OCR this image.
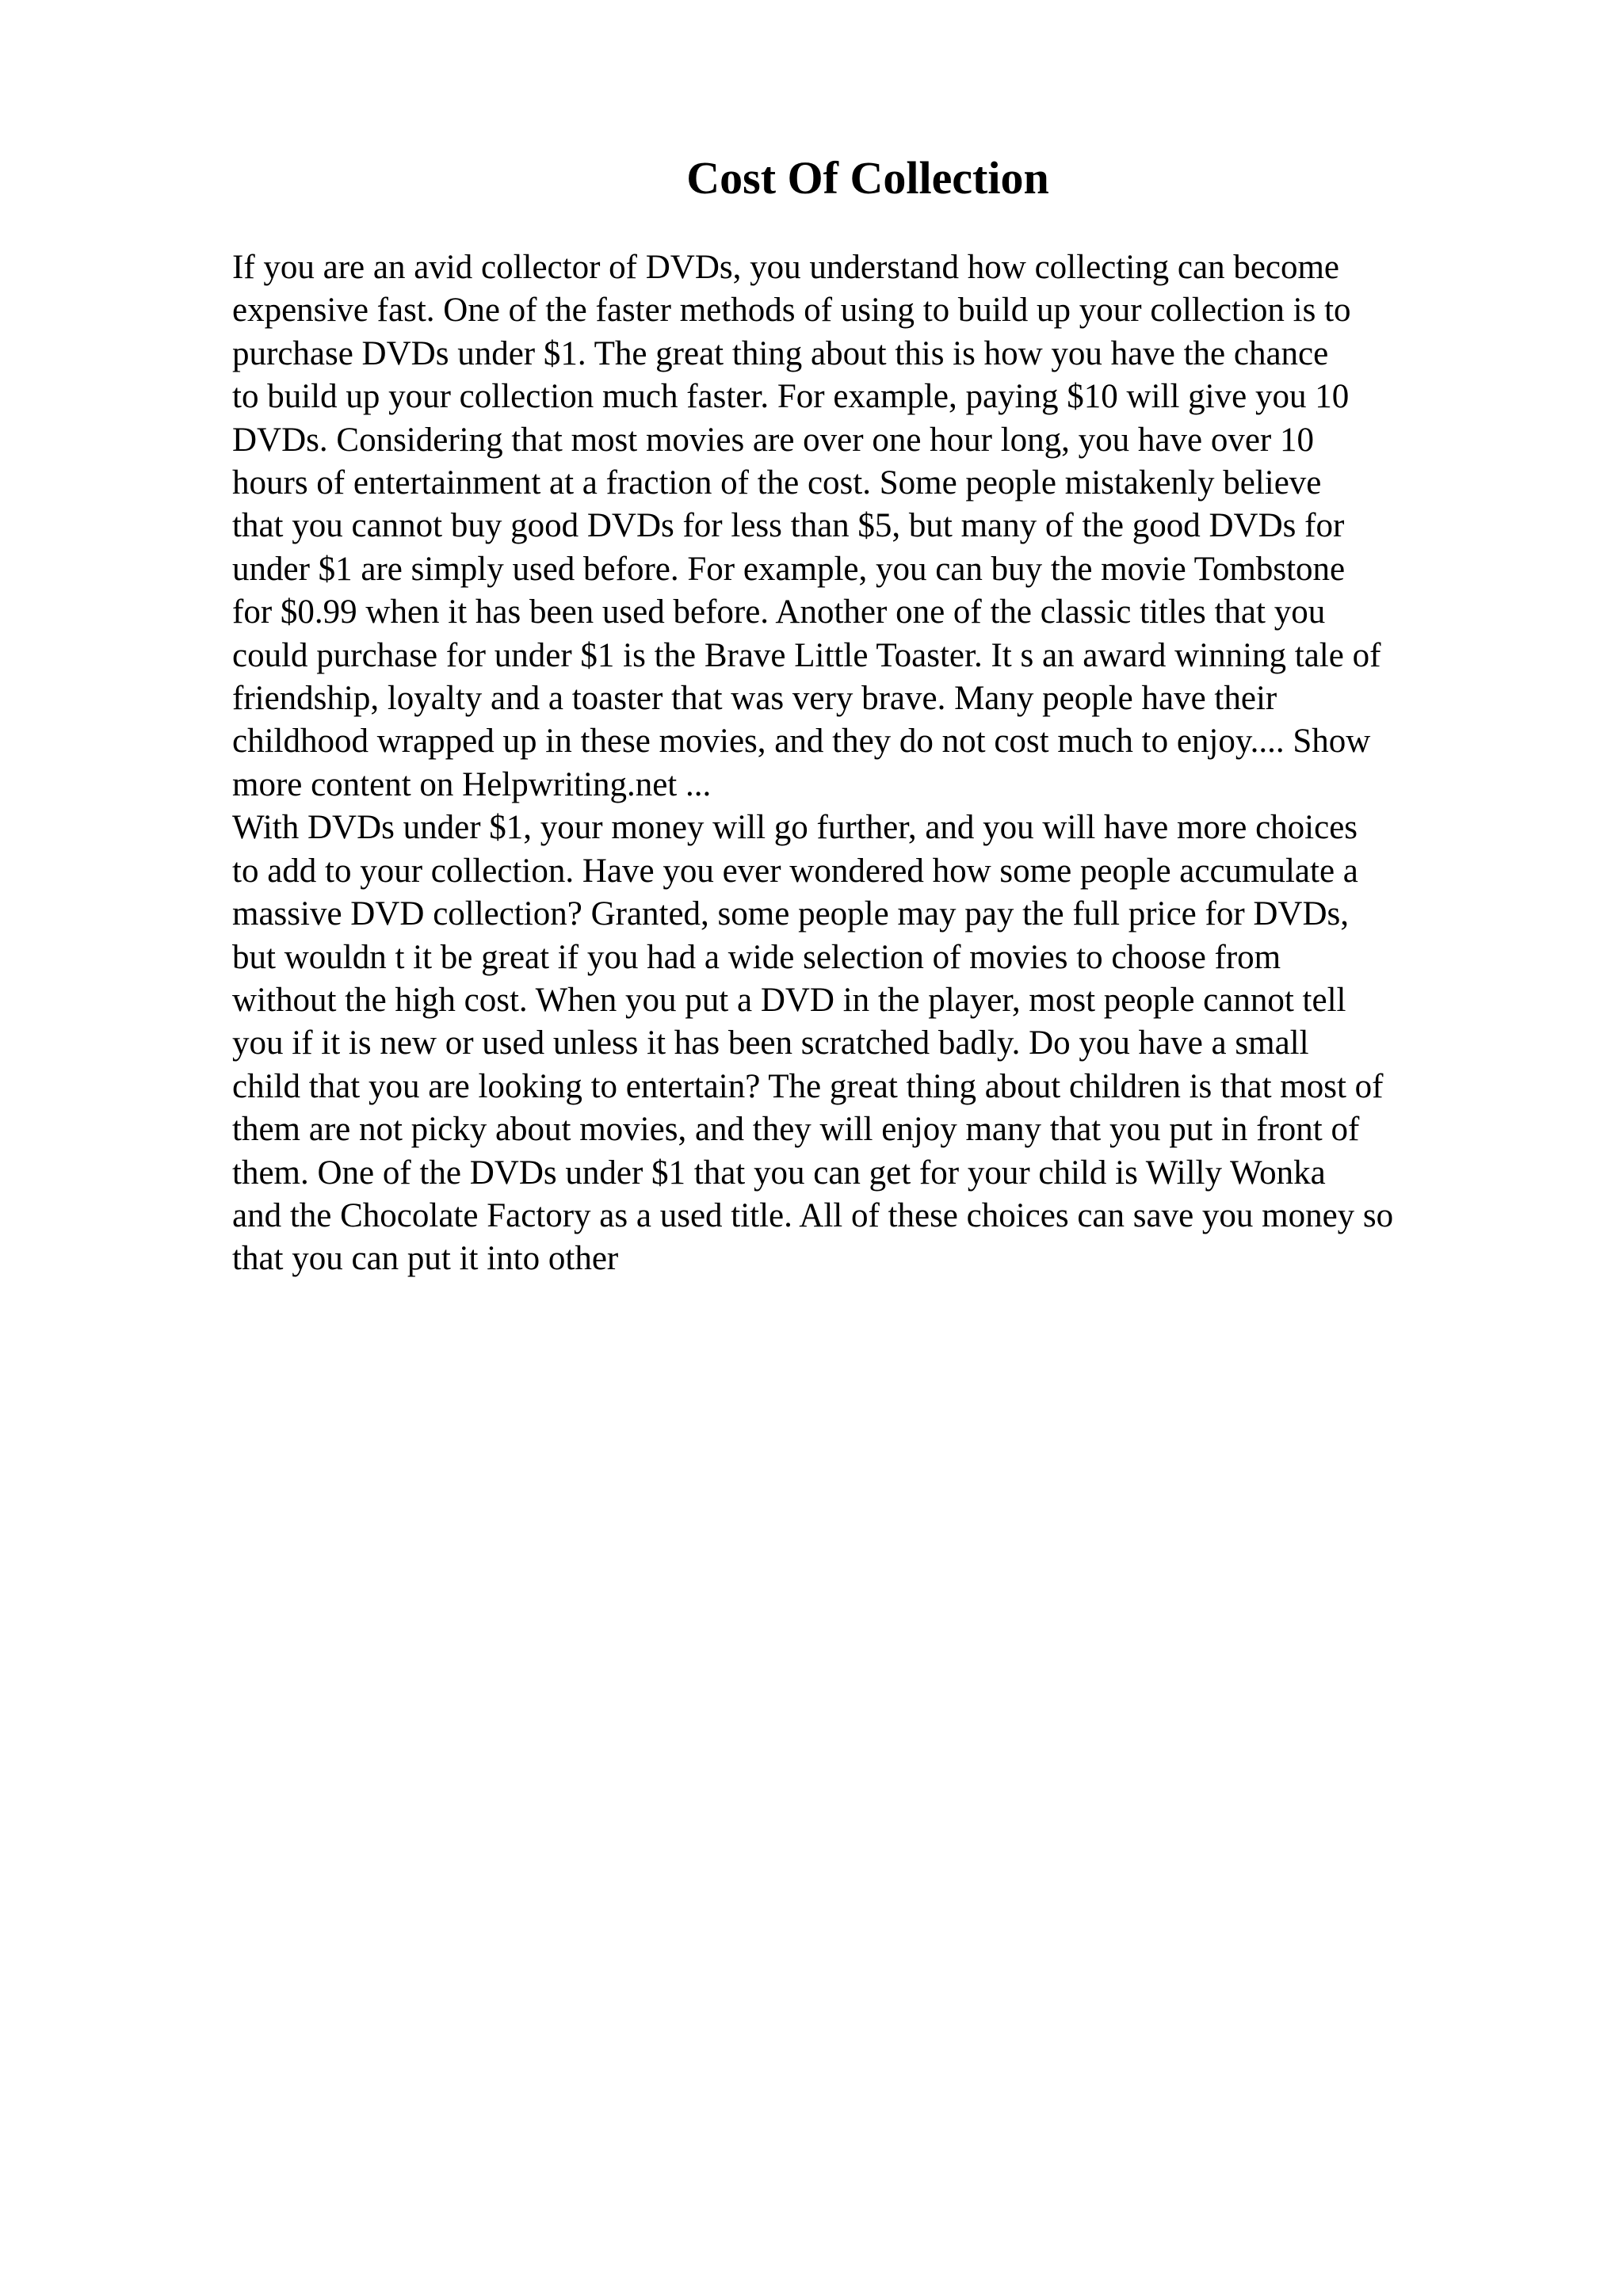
Cost Of Collection
If you are an avid collector of DVDs, you understand how collecting can become
expensive fast. One of the faster methods of using to build up your collection is to
purchase DVDs under $1. The great thing about this is how you have the chance
to build up your collection much faster. For example, paying $10 will give you 10
DVDs. Considering that most movies are over one hour long, you have over 10
hours of entertainment at a fraction of the cost. Some people mistakenly believe
that you cannot buy good DVDs for less than $5, but many of the good DVDs for
under $1 are simply used before. For example, you can buy the movie Tombstone
for $0.99 when it has been used before. Another one of the classic titles that you
could purchase for under $1 is the Brave Little Toaster. It s an award winning tale of
friendship, loyalty and a toaster that was very brave. Many people have their
childhood wrapped up in these movies, and they do not cost much to enjoy.... Show
more content on Helpwriting.net ...
With DVDs under $1, your money will go further, and you will have more choices
to add to your collection. Have you ever wondered how some people accumulate a
massive DVD collection? Granted, some people may pay the full price for DVDs,
but wouldn t it be great if you had a wide selection of movies to choose from
without the high cost. When you put a DVD in the player, most people cannot tell
you if it is new or used unless it has been scratched badly. Do you have a small
child that you are looking to entertain? The great thing about children is that most of
them are not picky about movies, and they will enjoy many that you put in front of
them. One of the DVDs under $1 that you can get for your child is Willy Wonka
and the Chocolate Factory as a used title. All of these choices can save you money so
that you can put it into other
